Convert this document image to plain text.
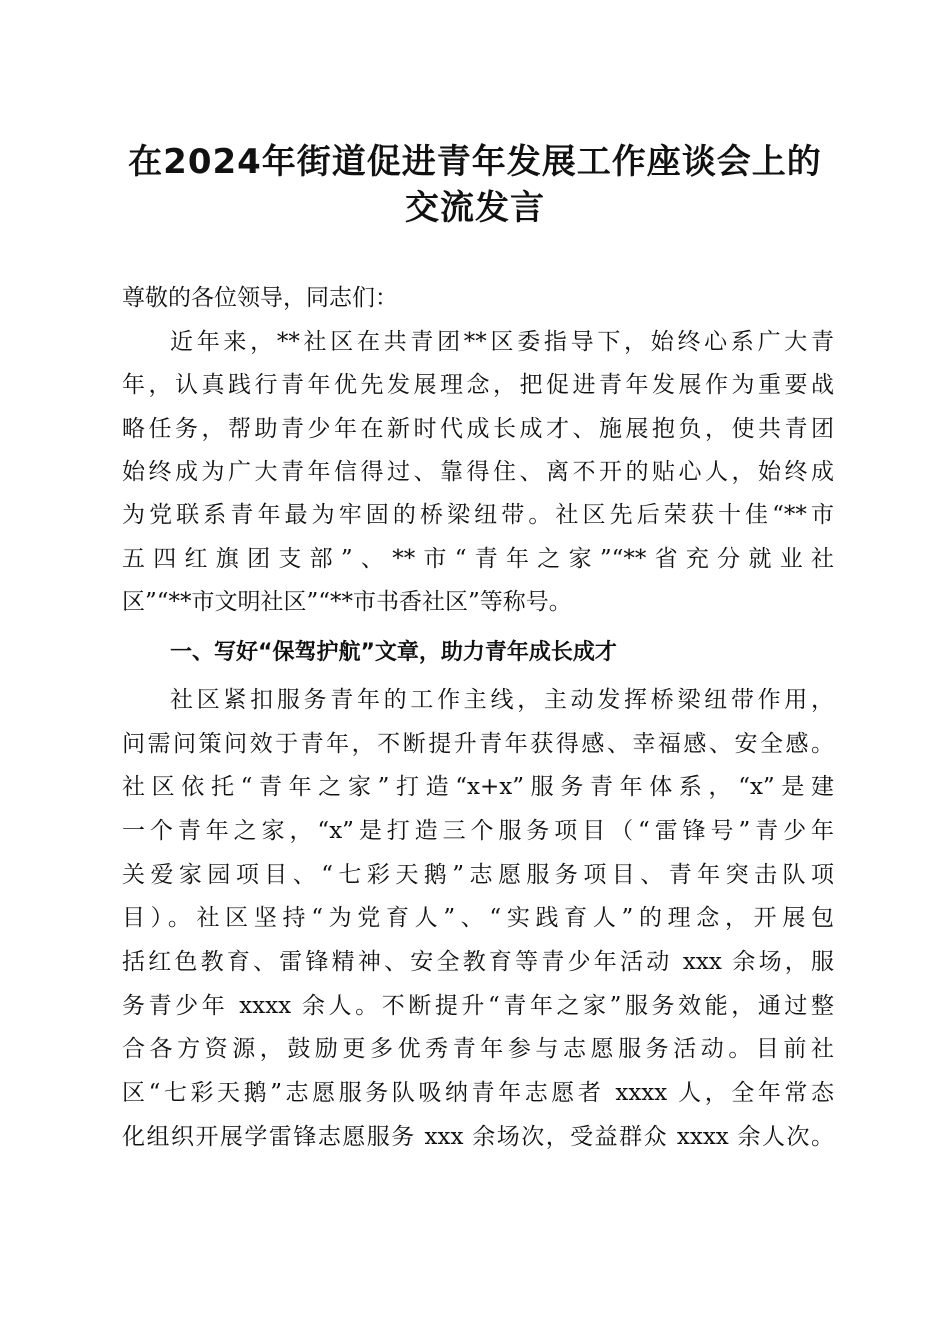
在2024年街道促进青年发展工作座谈会上的
交流发言

尊敬的各位领导，同志们：

近年来，**社区在共青团**区委指导下，始终心系广大青

年，认真践行青年优先发展理念，把促进青年发展作为重要战

略任务，帮助青少年在新时代成长成才、施展抱负，使共青团

始终成为广大青年信得过、靠得住、离不开的贴心人，始终成

为党联系青年最为牢固的桥梁纽带。社区先后荣获十佳“**市

五四红旗团支部”、**市“青年之家”“**省充分就业社

区”“**市文明社区”“**市书香社区”等称号。

一、写好“保驾护航”文章，助力青年成长成才

社区紧扣服务青年的工作主线，主动发挥桥梁纽带作用，

问需问策问效于青年，不断提升青年获得感、幸福感、安全感。

社区依托“青年之家”打造“x+x”服务青年体系，“x”是建

一个青年之家，“x”是打造三个服务项目（“雷锋号”青少年

关爱家园项目、“七彩天鹅”志愿服务项目、青年突击队项

目）。社区坚持“为党育人”、“实践育人”的理念，开展包

括红色教育、雷锋精神、安全教育等青少年活动 xxx 余场，服

务青少年 xxxx 余人。不断提升“青年之家”服务效能，通过整

合各方资源，鼓励更多优秀青年参与志愿服务活动。目前社

区“七彩天鹅”志愿服务队吸纳青年志愿者 xxxx 人，全年常态

化组织开展学雷锋志愿服务 xxx 余场次，受益群众 xxxx 余人次。
